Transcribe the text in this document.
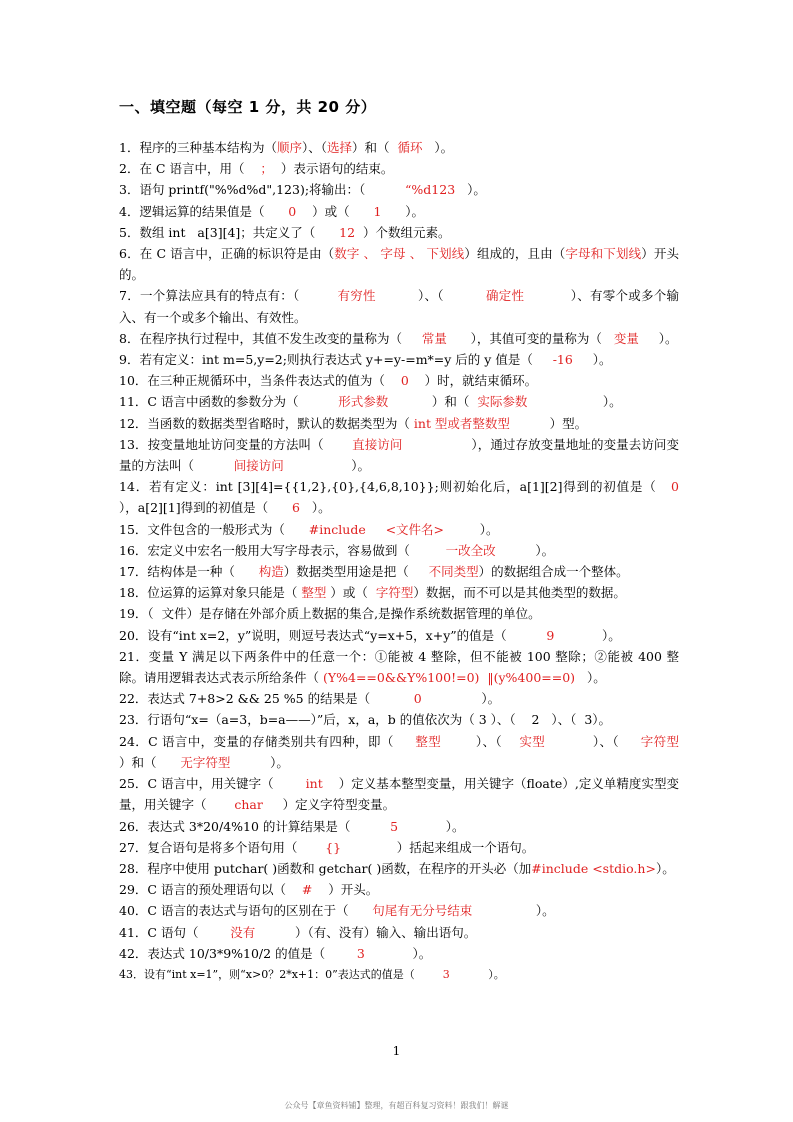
一、填空题（每空 1 分，共 20 分）
1．程序的三种基本结构为（顺序）、（选择）和（  循环   ）。
2．在 C 语言中，用（    ；  ）表示语句的结束。
3．语句 printf("%%d%d",123);将输出：（          “%d123   ）。
4．逻辑运算的结果值是（      0    ）或（      1      ）。
5．数组 int   a[3][4]；共定义了（      12  ）个数组元素。
6．在 C 语言中，正确的标识符是由（数字 、 字母 、 下划线）组成的，且由（字母和下划线）开头的。
7．一个算法应具有的特点有：（         有穷性          ）、（          确定性           ）、有零个或多个输入、有一个或多个输出、有效性。
8．在程序执行过程中，其值不发生改变的量称为（     常量      ），其值可变的量称为（   变量     ）。
9．若有定义：int m=5,y=2;则执行表达式 y+=y-=m*=y 后的 y 值是（     -16     ）。
10．在三种正规循环中，当条件表达式的值为（    0    ）时，就结束循环。
11．C 语言中函数的参数分为（          形式参数           ）和（  实际参数                   ）。
12．当函数的数据类型省略时，默认的数据类型为（ int 型或者整数型          ）型。
13．按变量地址访问变量的方法叫（       直接访问                 ），通过存放变量地址的变量去访问变量的方法叫（          间接访问                 ）。
14．若有定义：int [3][4]={{1,2},{0},{4,6,8,10}};则初始化后，a[1][2]得到的初值是（   0     ），a[2][1]得到的初值是（      6   ）。
15．文件包含的一般形式为（      #include     <文件名>         ）。
16．宏定义中宏名一般用大写字母表示，容易做到（         一改全改          ）。
17．结构体是一种（      构造）数据类型用途是把（     不同类型）的数据组合成一个整体。
18．位运算的运算对象只能是（ 整型 ）或（  字符型）数据，而不可以是其他类型的数据。
19．（  文件）是存储在外部介质上数据的集合,是操作系统数据管理的单位。
20．设有“int x=2，y”说明，则逗号表达式“y=x+5，x+y”的值是（          9            ）。
21．变量 Y 满足以下两条件中的任意一个：①能被 4 整除，但不能被 100 整除；②能被 400 整除。请用逻辑表达式表示所给条件（ (Y%4==0&&Y%100!=0)  ‖(y%400==0)   ）。
22．表达式 7+8>2 && 25 %5 的结果是（           0               ）。
23．行语句“x=（a=3，b=a——）”后，x，a，b 的值依次为（ 3 ）、（    2   ）、（  3）。
24．C 语言中，变量的存储类别共有四种，即（     整型        ）、（    实型           ）、（     字符型      ）和（      无字符型          ）。
25．C 语言中，用关键字（        int    ）定义基本整型变量，用关键字（floate）,定义单精度实型变量，用关键字（       char     ）定义字符型变量。
26．表达式 3*20/4%10 的计算结果是（          5            ）。
27．复合语句是将多个语句用（       {}              ）括起来组成一个语句。
28．程序中使用 putchar( )函数和 getchar( )函数，在程序的开头必（加#include <stdio.h>）。
29．C 语言的预处理语句以（    #    ）开头。
40．C 语言的表达式与语句的区别在于（      句尾有无分号结束                ）。
41．C 语句（        没有          ）（有、没有）输入、输出语句。
42．表达式 10/3*9%10/2 的值是（        3            ）。
43．设有“int x=1”，则“x>0？2*x+1：0”表达式的值是（        3           ）。
1
公众号【章鱼资料铺】整理，有超百科复习资料！跟我们！解谜
